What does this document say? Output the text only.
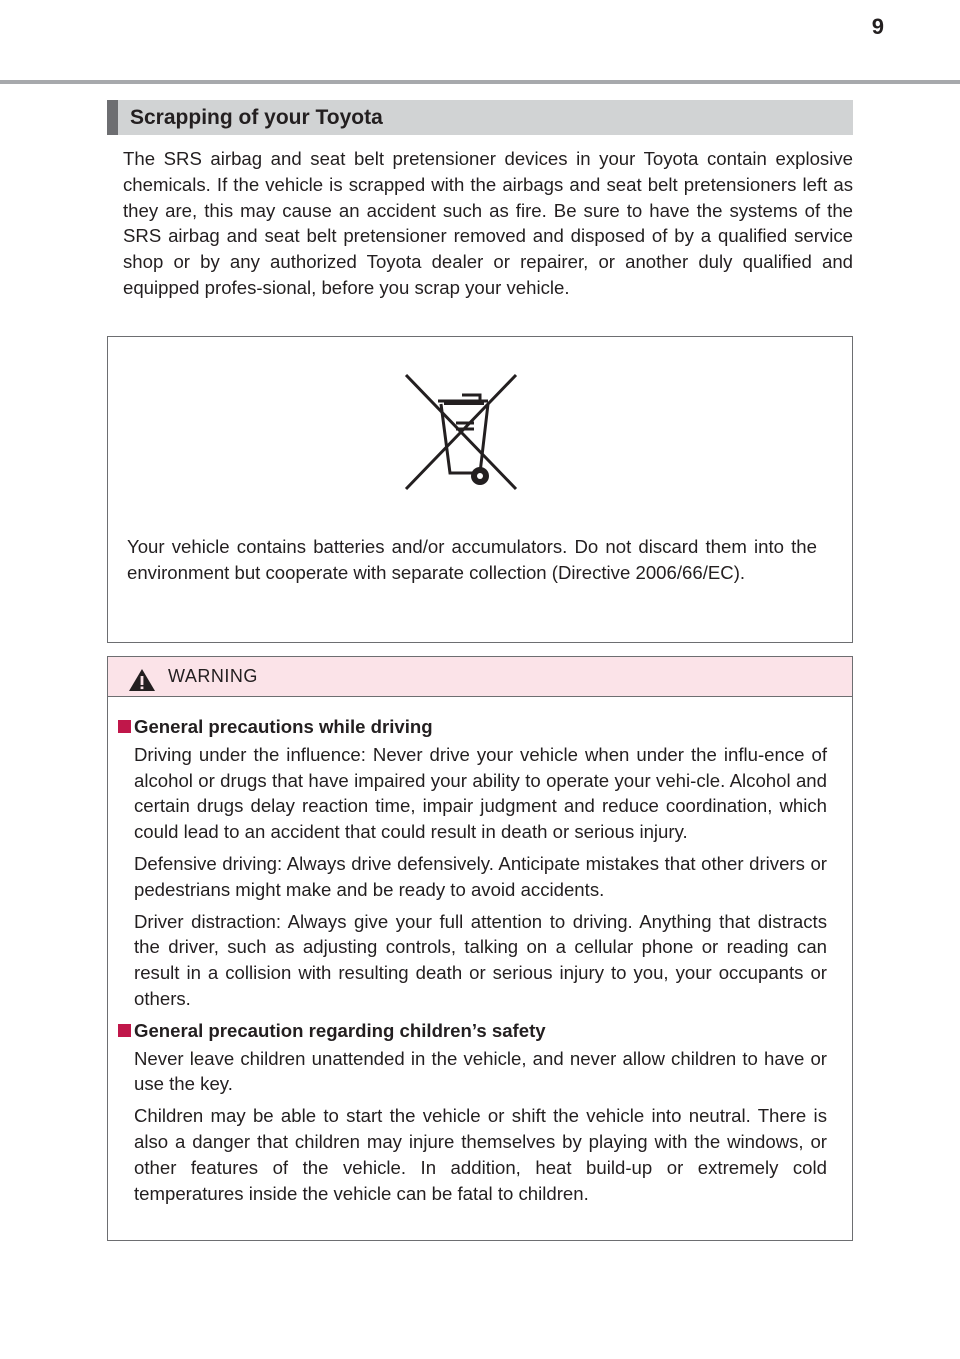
9
Scrapping of your Toyota

The SRS airbag and seat belt pretensioner devices in your Toyota contain explosive chemicals. If the vehicle is scrapped with the airbags and seat belt pretensioners left as they are, this may cause an accident such as fire. Be sure to have the systems of the SRS airbag and seat belt pretensioner removed and disposed of by a qualified service shop or by any authorized Toyota dealer or repairer, or another duly qualified and equipped profes-sional, before you scrap your vehicle.

Your vehicle contains batteries and/or accumulators. Do not discard them into the environment but cooperate with separate collection (Directive 2006/66/EC).

WARNING
General precautions while driving

Driving under the influence: Never drive your vehicle when under the influ-ence of alcohol or drugs that have impaired your ability to operate your vehi-cle. Alcohol and certain drugs delay reaction time, impair judgment and reduce coordination, which could lead to an accident that could result in death or serious injury.

Defensive driving: Always drive defensively. Anticipate mistakes that other drivers or pedestrians might make and be ready to avoid accidents.

Driver distraction: Always give your full attention to driving. Anything that distracts the driver, such as adjusting controls, talking on a cellular phone or reading can result in a collision with resulting death or serious injury to you, your occupants or others.

General precaution regarding children’s safety

Never leave children unattended in the vehicle, and never allow children to have or use the key.

Children may be able to start the vehicle or shift the vehicle into neutral. There is also a danger that children may injure themselves by playing with the windows, or other features of the vehicle. In addition, heat build-up or extremely cold temperatures inside the vehicle can be fatal to children.
